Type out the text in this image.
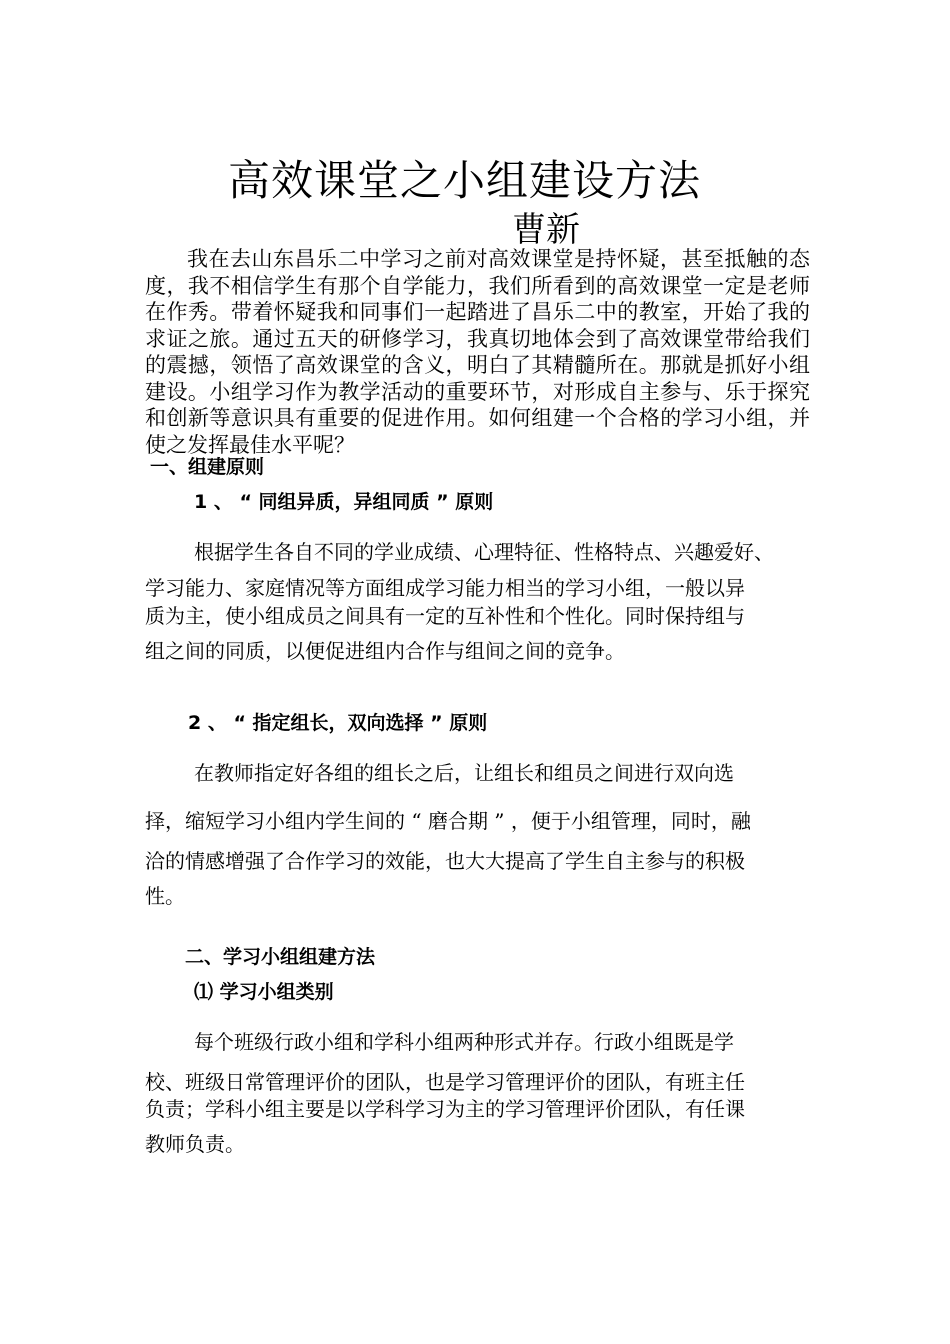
高效课堂之小组建设方法
曹新
我在去山东昌乐二中学习之前对高效课堂是持怀疑，甚至抵触的态度，我不相信学生有那个自学能力，我们所看到的高效课堂一定是老师在作秀。带着怀疑我和同事们一起踏进了昌乐二中的教室，开始了我的求证之旅。通过五天的研修学习，我真切地体会到了高效课堂带给我们的震撼，领悟了高效课堂的含义，明白了其精髓所在。那就是抓好小组建设。小组学习作为教学活动的重要环节，对形成自主参与、乐于探究和创新等意识具有重要的促进作用。如何组建一个合格的学习小组，并使之发挥最佳水平呢？
一、组建原则
1 、 “ 同组异质，异组同质 ” 原则
根据学生各自不同的学业成绩、心理特征、性格特点、兴趣爱好、
学习能力、家庭情况等方面组成学习能力相当的学习小组，一般以异
质为主，使小组成员之间具有一定的互补性和个性化。同时保持组与
组之间的同质，以便促进组内合作与组间之间的竞争。
2 、 “ 指定组长，双向选择 ” 原则
在教师指定好各组的组长之后，让组长和组员之间进行双向选
择，缩短学习小组内学生间的 “ 磨合期 ” ，便于小组管理，同时，融
洽的情感增强了合作学习的效能，也大大提高了学生自主参与的积极
性。
二、学习小组组建方法
⑴ 学习小组类别
每个班级行政小组和学科小组两种形式并存。行政小组既是学
校、班级日常管理评价的团队，也是学习管理评价的团队，有班主任
负责；学科小组主要是以学科学习为主的学习管理评价团队，有任课
教师负责。
